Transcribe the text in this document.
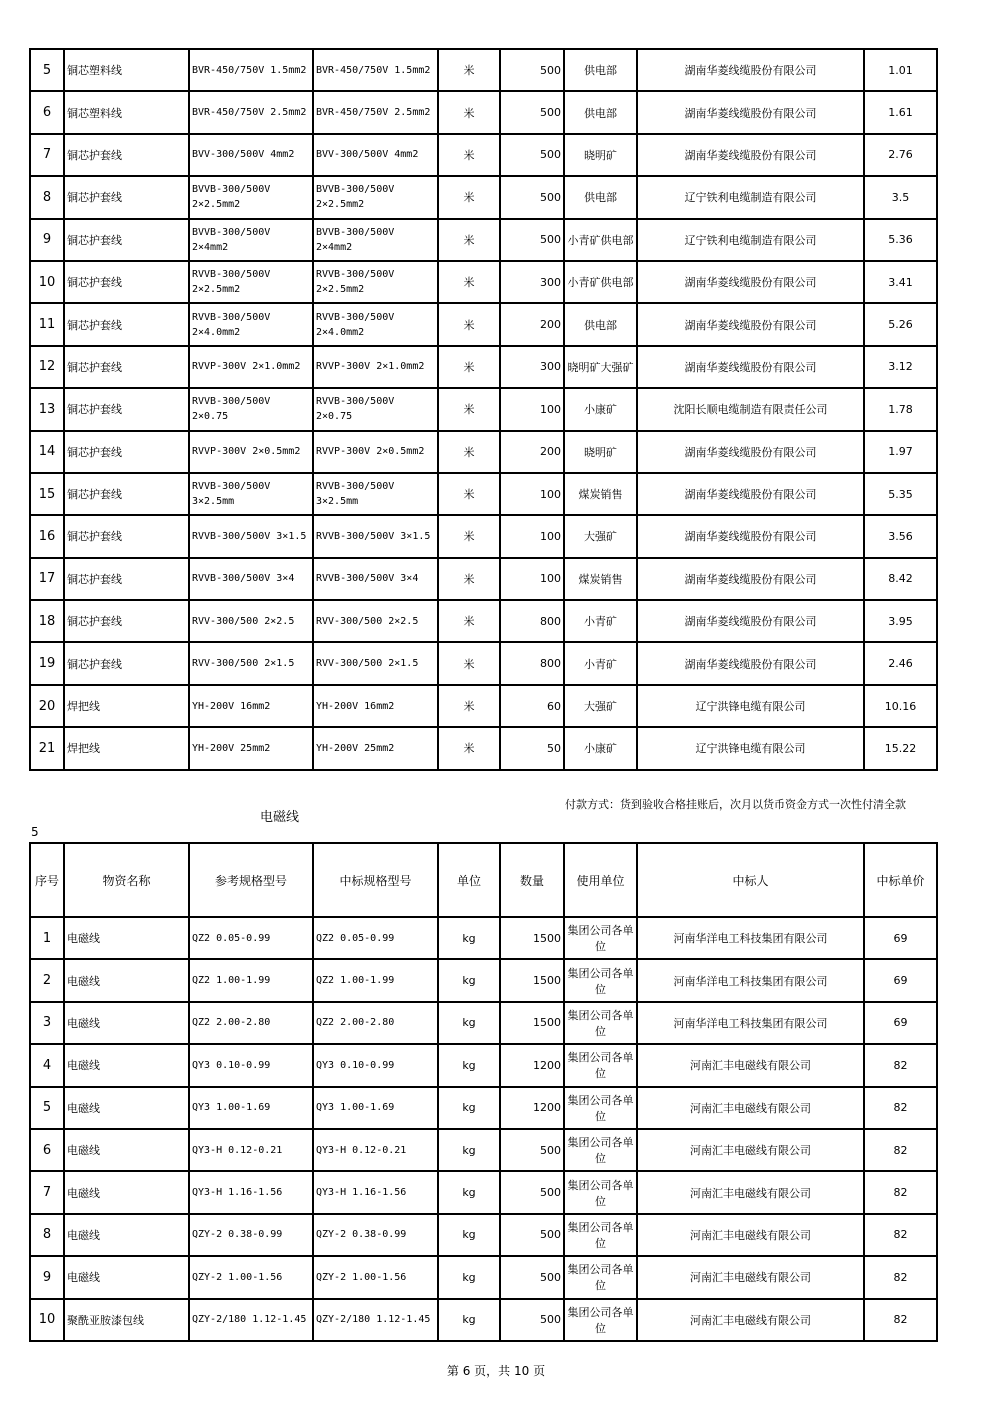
5	铜芯塑料线	BVR-450/750V 1.5mm2	BVR-450/750V 1.5mm2	米	500	供电部	湖南华菱线缆股份有限公司	1.01
6	铜芯塑料线	BVR-450/750V 2.5mm2	BVR-450/750V 2.5mm2	米	500	供电部	湖南华菱线缆股份有限公司	1.61
7	铜芯护套线	BVV-300/500V 4mm2	BVV-300/500V 4mm2	米	500	晓明矿	湖南华菱线缆股份有限公司	2.76
8	铜芯护套线	BVVB-300/500V 2×2.5mm2	BVVB-300/500V 2×2.5mm2	米	500	供电部	辽宁铁利电缆制造有限公司	3.5
9	铜芯护套线	BVVB-300/500V 2×4mm2	BVVB-300/500V 2×4mm2	米	500	小青矿供电部	辽宁铁利电缆制造有限公司	5.36
10	铜芯护套线	RVVB-300/500V 2×2.5mm2	RVVB-300/500V 2×2.5mm2	米	300	小青矿供电部	湖南华菱线缆股份有限公司	3.41
11	铜芯护套线	RVVB-300/500V 2×4.0mm2	RVVB-300/500V 2×4.0mm2	米	200	供电部	湖南华菱线缆股份有限公司	5.26
12	铜芯护套线	RVVP-300V 2×1.0mm2	RVVP-300V 2×1.0mm2	米	300	晓明矿大强矿	湖南华菱线缆股份有限公司	3.12
13	铜芯护套线	RVVB-300/500V 2×0.75	RVVB-300/500V 2×0.75	米	100	小康矿	沈阳长顺电缆制造有限责任公司	1.78
14	铜芯护套线	RVVP-300V 2×0.5mm2	RVVP-300V 2×0.5mm2	米	200	晓明矿	湖南华菱线缆股份有限公司	1.97
15	铜芯护套线	RVVB-300/500V 3×2.5mm	RVVB-300/500V 3×2.5mm	米	100	煤炭销售	湖南华菱线缆股份有限公司	5.35
16	铜芯护套线	RVVB-300/500V 3×1.5	RVVB-300/500V 3×1.5	米	100	大强矿	湖南华菱线缆股份有限公司	3.56
17	铜芯护套线	RVVB-300/500V 3×4	RVVB-300/500V 3×4	米	100	煤炭销售	湖南华菱线缆股份有限公司	8.42
18	铜芯护套线	RVV-300/500 2×2.5	RVV-300/500 2×2.5	米	800	小青矿	湖南华菱线缆股份有限公司	3.95
19	铜芯护套线	RVV-300/500 2×1.5	RVV-300/500 2×1.5	米	800	小青矿	湖南华菱线缆股份有限公司	2.46
20	焊把线	YH-200V 16mm2	YH-200V 16mm2	米	60	大强矿	辽宁洪锋电缆有限公司	10.16
21	焊把线	YH-200V 25mm2	YH-200V 25mm2	米	50	小康矿	辽宁洪锋电缆有限公司	15.22
电磁线
5
付款方式：货到验收合格挂账后，次月以货币资金方式一次性付清全款
序号	物资名称	参考规格型号	中标规格型号	单位	数量	使用单位	中标人	中标单价
1	电磁线	QZ2 0.05-0.99	QZ2 0.05-0.99	kg	1500	集团公司各单位	河南华洋电工科技集团有限公司	69
2	电磁线	QZ2 1.00-1.99	QZ2 1.00-1.99	kg	1500	集团公司各单位	河南华洋电工科技集团有限公司	69
3	电磁线	QZ2 2.00-2.80	QZ2 2.00-2.80	kg	1500	集团公司各单位	河南华洋电工科技集团有限公司	69
4	电磁线	QY3 0.10-0.99	QY3 0.10-0.99	kg	1200	集团公司各单位	河南汇丰电磁线有限公司	82
5	电磁线	QY3 1.00-1.69	QY3 1.00-1.69	kg	1200	集团公司各单位	河南汇丰电磁线有限公司	82
6	电磁线	QY3-H 0.12-0.21	QY3-H 0.12-0.21	kg	500	集团公司各单位	河南汇丰电磁线有限公司	82
7	电磁线	QY3-H 1.16-1.56	QY3-H 1.16-1.56	kg	500	集团公司各单位	河南汇丰电磁线有限公司	82
8	电磁线	QZY-2 0.38-0.99	QZY-2 0.38-0.99	kg	500	集团公司各单位	河南汇丰电磁线有限公司	82
9	电磁线	QZY-2 1.00-1.56	QZY-2 1.00-1.56	kg	500	集团公司各单位	河南汇丰电磁线有限公司	82
10	聚酰亚胺漆包线	QZY-2/180 1.12-1.45	QZY-2/180 1.12-1.45	kg	500	集团公司各单位	河南汇丰电磁线有限公司	82
第 6 页，共 10 页
